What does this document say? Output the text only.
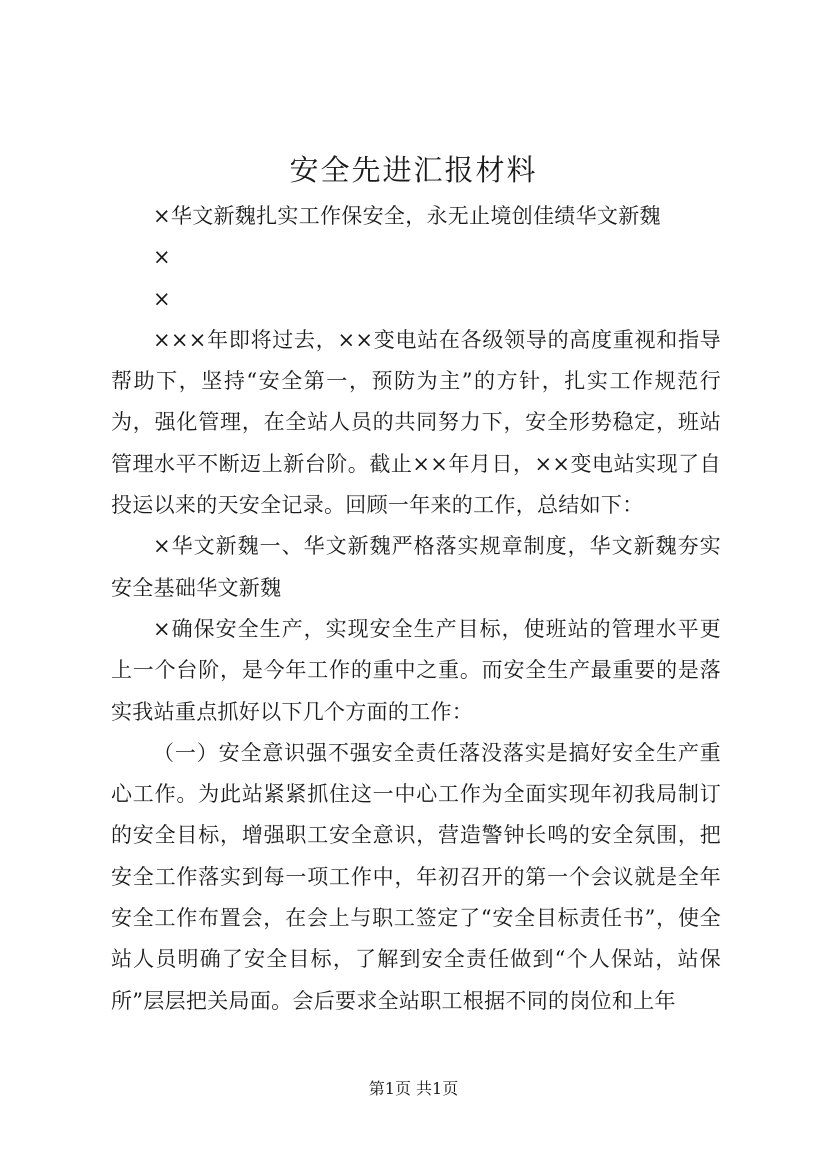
安全先进汇报材料

×华文新魏扎实工作保安全，永无止境创佳绩华文新魏

×

×

×××年即将过去，××变电站在各级领导的高度重视和指导帮助下，坚持“安全第一，预防为主”的方针，扎实工作规范行为，强化管理，在全站人员的共同努力下，安全形势稳定，班站管理水平不断迈上新台阶。截止××年月日，××变电站实现了自投运以来的天安全记录。回顾一年来的工作，总结如下：

×华文新魏一、华文新魏严格落实规章制度，华文新魏夯实安全基础华文新魏

×确保安全生产，实现安全生产目标，使班站的管理水平更上一个台阶，是今年工作的重中之重。而安全生产最重要的是落实我站重点抓好以下几个方面的工作：

（一）安全意识强不强安全责任落没落实是搞好安全生产重心工作。为此站紧紧抓住这一中心工作为全面实现年初我局制订的安全目标，增强职工安全意识，营造警钟长鸣的安全氛围，把安全工作落实到每一项工作中，年初召开的第一个会议就是全年安全工作布置会，在会上与职工签定了“安全目标责任书”，使全站人员明确了安全目标，了解到安全责任做到“个人保站，站保所”层层把关局面。会后要求全站职工根据不同的岗位和上年

第1页 共1页
